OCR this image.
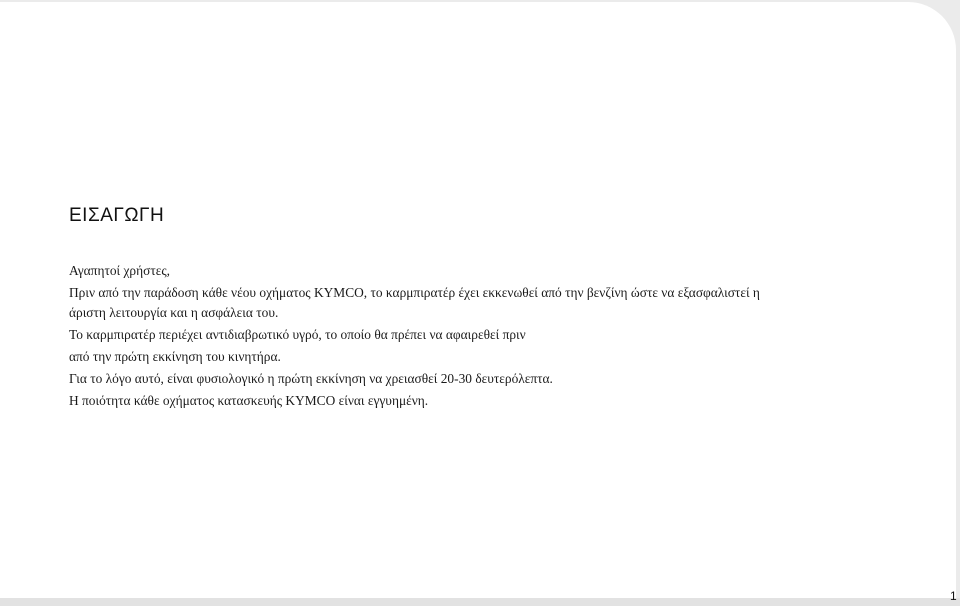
ΕΙΣΑΓΩΓΗ

Αγαπητοί χρήστες,

Πριν από την παράδοση κάθε νέου οχήματος KYMCO, το καρμπιρατέρ έχει εκκενωθεί από την βενζίνη ώστε να εξασφαλιστεί η

άριστη λειτουργία και η ασφάλεια του.

Το καρμπιρατέρ περιέχει αντιδιαβρωτικό υγρό, το οποίο θα πρέπει να αφαιρεθεί πριν

από την πρώτη εκκίνηση του κινητήρα.

Για το λόγο αυτό, είναι φυσιολογικό η πρώτη εκκίνηση να χρειασθεί 20-30 δευτερόλεπτα.

Η ποιότητα κάθε οχήματος κατασκευής KYMCO είναι εγγυημένη.

1
